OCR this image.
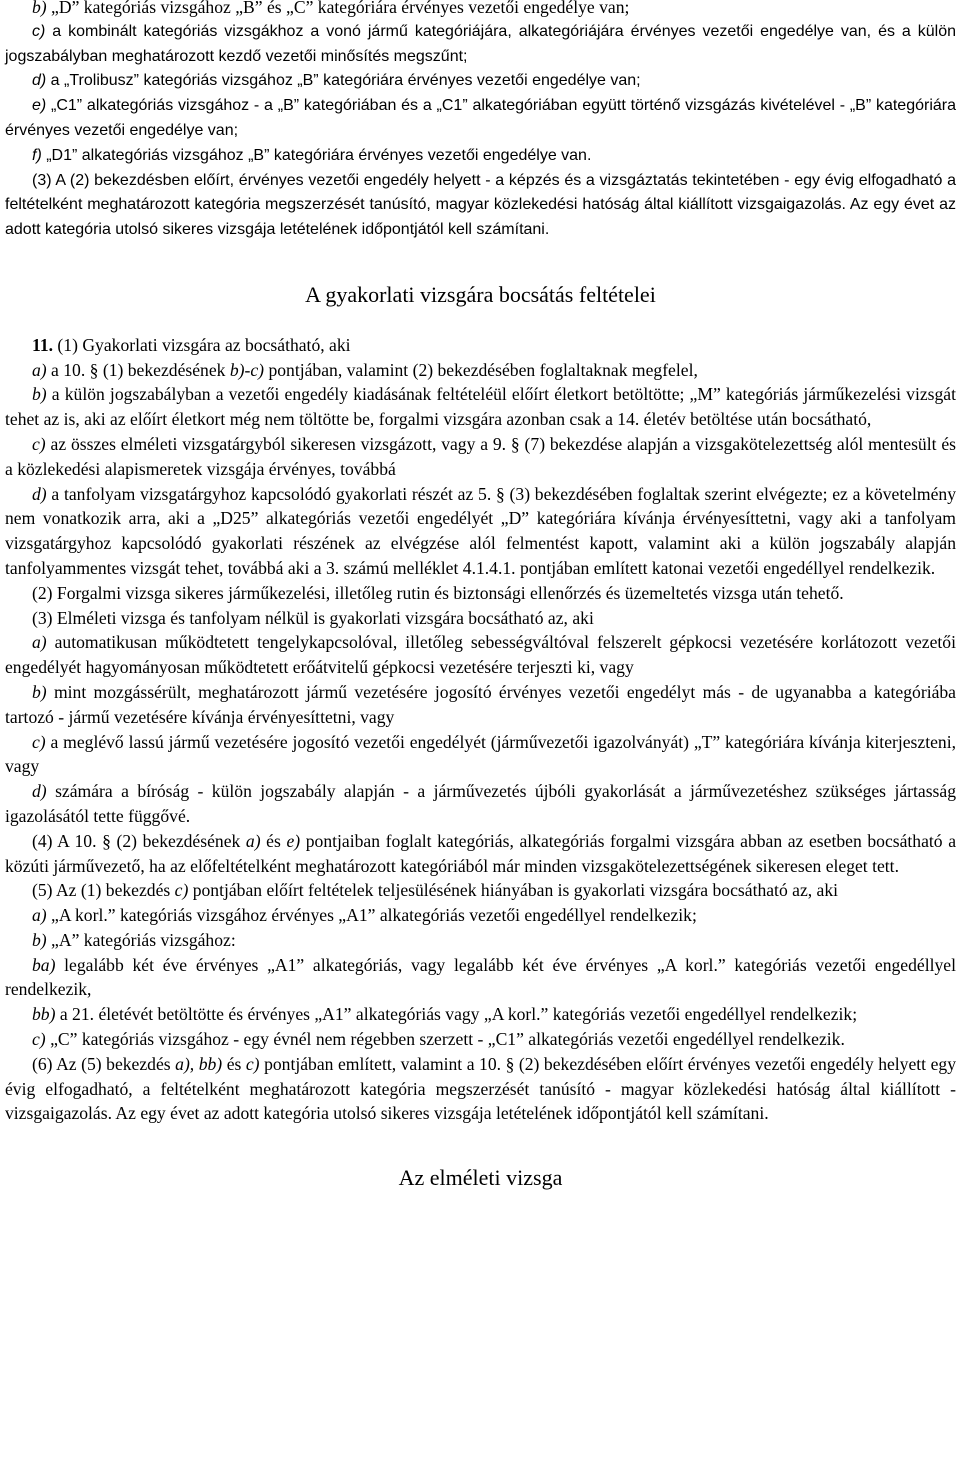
b) „D” kategóriás vizsgához „B” és „C” kategóriára érvényes vezetői engedélye van;

c) a kombinált kategóriás vizsgákhoz a vonó jármű kategóriájára, alkategóriájára érvényes vezetői engedélye van, és a külön jogszabályban meghatározott kezdő vezetői minősítés megszűnt;

d) a „Trolibusz” kategóriás vizsgához „B” kategóriára érvényes vezetői engedélye van;

e) „C1” alkategóriás vizsgához - a „B” kategóriában és a „C1” alkategóriában együtt történő vizsgázás kivételével - „B” kategóriára érvényes vezetői engedélye van;

f) „D1” alkategóriás vizsgához „B” kategóriára érvényes vezetői engedélye van.

(3) A (2) bekezdésben előírt, érvényes vezetői engedély helyett - a képzés és a vizsgáztatás tekintetében - egy évig elfogadható a feltételként meghatározott kategória megszerzését tanúsító, magyar közlekedési hatóság által kiállított vizsgaigazolás. Az egy évet az adott kategória utolsó sikeres vizsgája letételének időpontjától kell számítani.

A gyakorlati vizsgára bocsátás feltételei

11. (1) Gyakorlati vizsgára az bocsátható, aki

a) a 10. § (1) bekezdésének b)-c) pontjában, valamint (2) bekezdésében foglaltaknak megfelel,

b) a külön jogszabályban a vezetői engedély kiadásának feltételéül előírt életkort betöltötte; „M” kategóriás járműkezelési vizsgát tehet az is, aki az előírt életkort még nem töltötte be, forgalmi vizsgára azonban csak a 14. életév betöltése után bocsátható,

c) az összes elméleti vizsgatárgyból sikeresen vizsgázott, vagy a 9. § (7) bekezdése alapján a vizsgakötelezettség alól mentesült és a közlekedési alapismeretek vizsgája érvényes, továbbá

d) a tanfolyam vizsgatárgyhoz kapcsolódó gyakorlati részét az 5. § (3) bekezdésében foglaltak szerint elvégezte; ez a követelmény nem vonatkozik arra, aki a „D25” alkategóriás vezetői engedélyét „D” kategóriára kívánja érvényesíttetni, vagy aki a tanfolyam vizsgatárgyhoz kapcsolódó gyakorlati részének az elvégzése alól felmentést kapott, valamint aki a külön jogszabály alapján tanfolyammentes vizsgát tehet, továbbá aki a 3. számú melléklet 4.1.4.1. pontjában említett katonai vezetői engedéllyel rendelkezik.

(2) Forgalmi vizsga sikeres járműkezelési, illetőleg rutin és biztonsági ellenőrzés és üzemeltetés vizsga után tehető.

(3) Elméleti vizsga és tanfolyam nélkül is gyakorlati vizsgára bocsátható az, aki

a) automatikusan működtetett tengelykapcsolóval, illetőleg sebességváltóval felszerelt gépkocsi vezetésére korlátozott vezetői engedélyét hagyományosan működtetett erőátvitelű gépkocsi vezetésére terjeszti ki, vagy

b) mint mozgássérült, meghatározott jármű vezetésére jogosító érvényes vezetői engedélyt más - de ugyanabba a kategóriába tartozó - jármű vezetésére kívánja érvényesíttetni, vagy

c) a meglévő lassú jármű vezetésére jogosító vezetői engedélyét (járművezetői igazolványát) „T” kategóriára kívánja kiterjeszteni, vagy

d) számára a bíróság - külön jogszabály alapján - a járművezetés újbóli gyakorlását a járművezetéshez szükséges jártasság igazolásától tette függővé.

(4) A 10. § (2) bekezdésének a) és e) pontjaiban foglalt kategóriás, alkategóriás forgalmi vizsgára abban az esetben bocsátható a közúti járművezető, ha az előfeltételként meghatározott kategóriából már minden vizsgakötelezettségének sikeresen eleget tett.

(5) Az (1) bekezdés c) pontjában előírt feltételek teljesülésének hiányában is gyakorlati vizsgára bocsátható az, aki

a) „A korl.” kategóriás vizsgához érvényes „A1” alkategóriás vezetői engedéllyel rendelkezik;

b) „A” kategóriás vizsgához:

ba) legalább két éve érvényes „A1” alkategóriás, vagy legalább két éve érvényes „A korl.” kategóriás vezetői engedéllyel rendelkezik,

bb) a 21. életévét betöltötte és érvényes „A1” alkategóriás vagy „A korl.” kategóriás vezetői engedéllyel rendelkezik;

c) „C” kategóriás vizsgához - egy évnél nem régebben szerzett - „C1” alkategóriás vezetői engedéllyel rendelkezik.

(6) Az (5) bekezdés a), bb) és c) pontjában említett, valamint a 10. § (2) bekezdésében előírt érvényes vezetői engedély helyett egy évig elfogadható, a feltételként meghatározott kategória megszerzését tanúsító - magyar közlekedési hatóság által kiállított - vizsgaigazolás. Az egy évet az adott kategória utolsó sikeres vizsgája letételének időpontjától kell számítani.

Az elméleti vizsga
